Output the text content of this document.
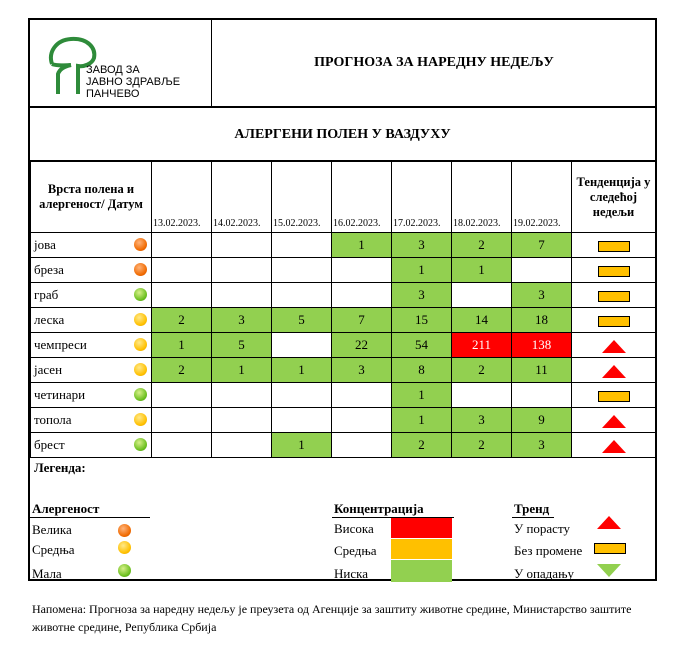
ЗАВОД ЗА
ЈАВНО ЗДРАВЉЕ
ПАНЧЕВО
ПРОГНОЗА ЗА НАРЕДНУ НЕДЕЉУ
АЛЕРГЕНИ ПОЛЕН У ВАЗДУХУ
Врста полена и алергеност/ Датум	13.02.2023.	14.02.2023.	15.02.2023.	16.02.2023.	17.02.2023.	18.02.2023.	19.02.2023.	Тенденција у следећој недељи
јова				1	3	2	7	
бреза					1	1		
граб					3		3	
леска	2	3	5	7	15	14	18	
чемпреси	1	5		22	54	211	138	
јасен	2	1	1	3	8	2	11	
четинари					1			
топола					1	3	9	
брест			1		2	2	3	
Легенда:
Алергеност
Велика
Средња
Мала
Концентрација
Висока
Средња
Ниска
Тренд
У порасту
Без промене
У опадању
Напомена: Прогноза за наредну недељу је преузета од Агенције за заштиту животне средине, Министарство заштите животне средине, Република Србија
